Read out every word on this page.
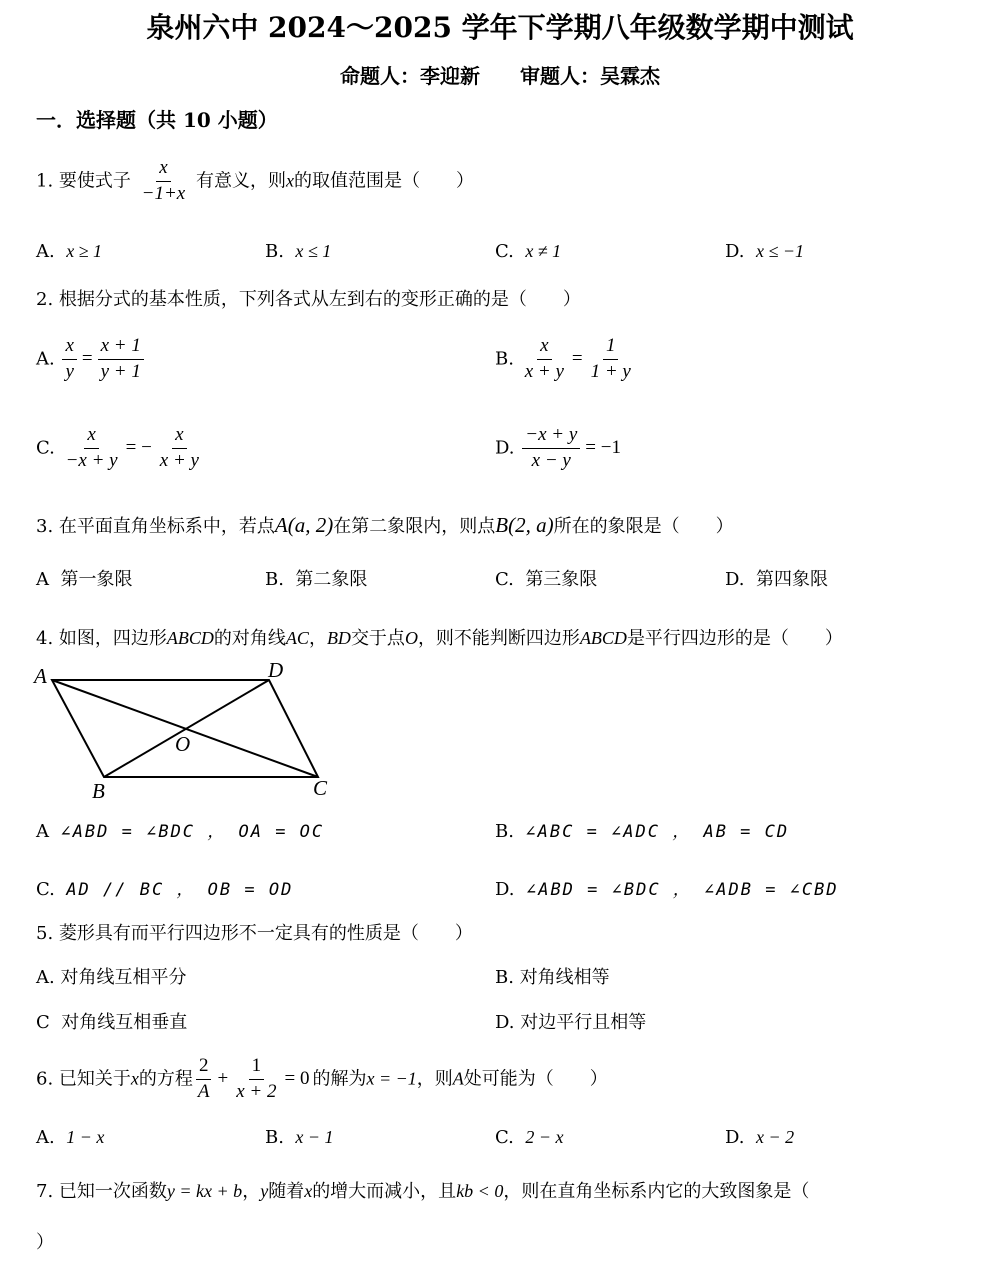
泉州六中 2024～2025 学年下学期八年级数学期中测试
命题人：李迎新　　审题人：吴霖杰
一．选择题（共 10 小题）
1. 要使式子 $\frac{x}{-1+x}$ 有意义，则x的取值范围是（　　）
A. x ≥ 1	B. x ≤ 1	C. x ≠ 1	D. x ≤ −1
2. 根据分式的基本性质，下列各式从左到右的变形正确的是（　　）
A. $\frac{x}{y} = \frac{x + 1}{y + 1}$	B. $\frac{x}{x + y} = \frac{1}{1 + y}$
C. $\frac{x}{-x + y}$ = − $\frac{x}{x + y}$	D. $\frac{-x + y}{x - y} = -1$
3. 在平面直角坐标系中，若点A(a, 2)在第二象限内，则点B(2, a)所在的象限是（　　）
A 第一象限	B. 第二象限	C. 第三象限	D. 第四象限
4. 如图，四边形ABCD的对角线AC，BD交于点O，则不能判断四边形ABCD是平行四边形的是（　　）
A	D
O
B	C
A ∠ABD = ∠BDC ， OA = OC	B. ∠ABC = ∠ADC ， AB = CD
C. AD // BC ， OB = OD	D. ∠ABD = ∠BDC ， ∠ADB = ∠CBD
5. 菱形具有而平行四边形不一定具有的性质是（　　）
A. 对角线互相平分	B. 对角线相等
C 对角线互相垂直	D. 对边平行且相等
6. 已知关于x的方程 $\frac{2}{A} + \frac{1}{x + 2} = 0$ 的解为x = −1，则A处可能为（　　）
A. 1 − x	B. x − 1	C. 2 − x	D. x − 2
7. 已知一次函数y = kx + b，y随着x的增大而减小，且kb < 0，则在直角坐标系内它的大致图象是（
）
